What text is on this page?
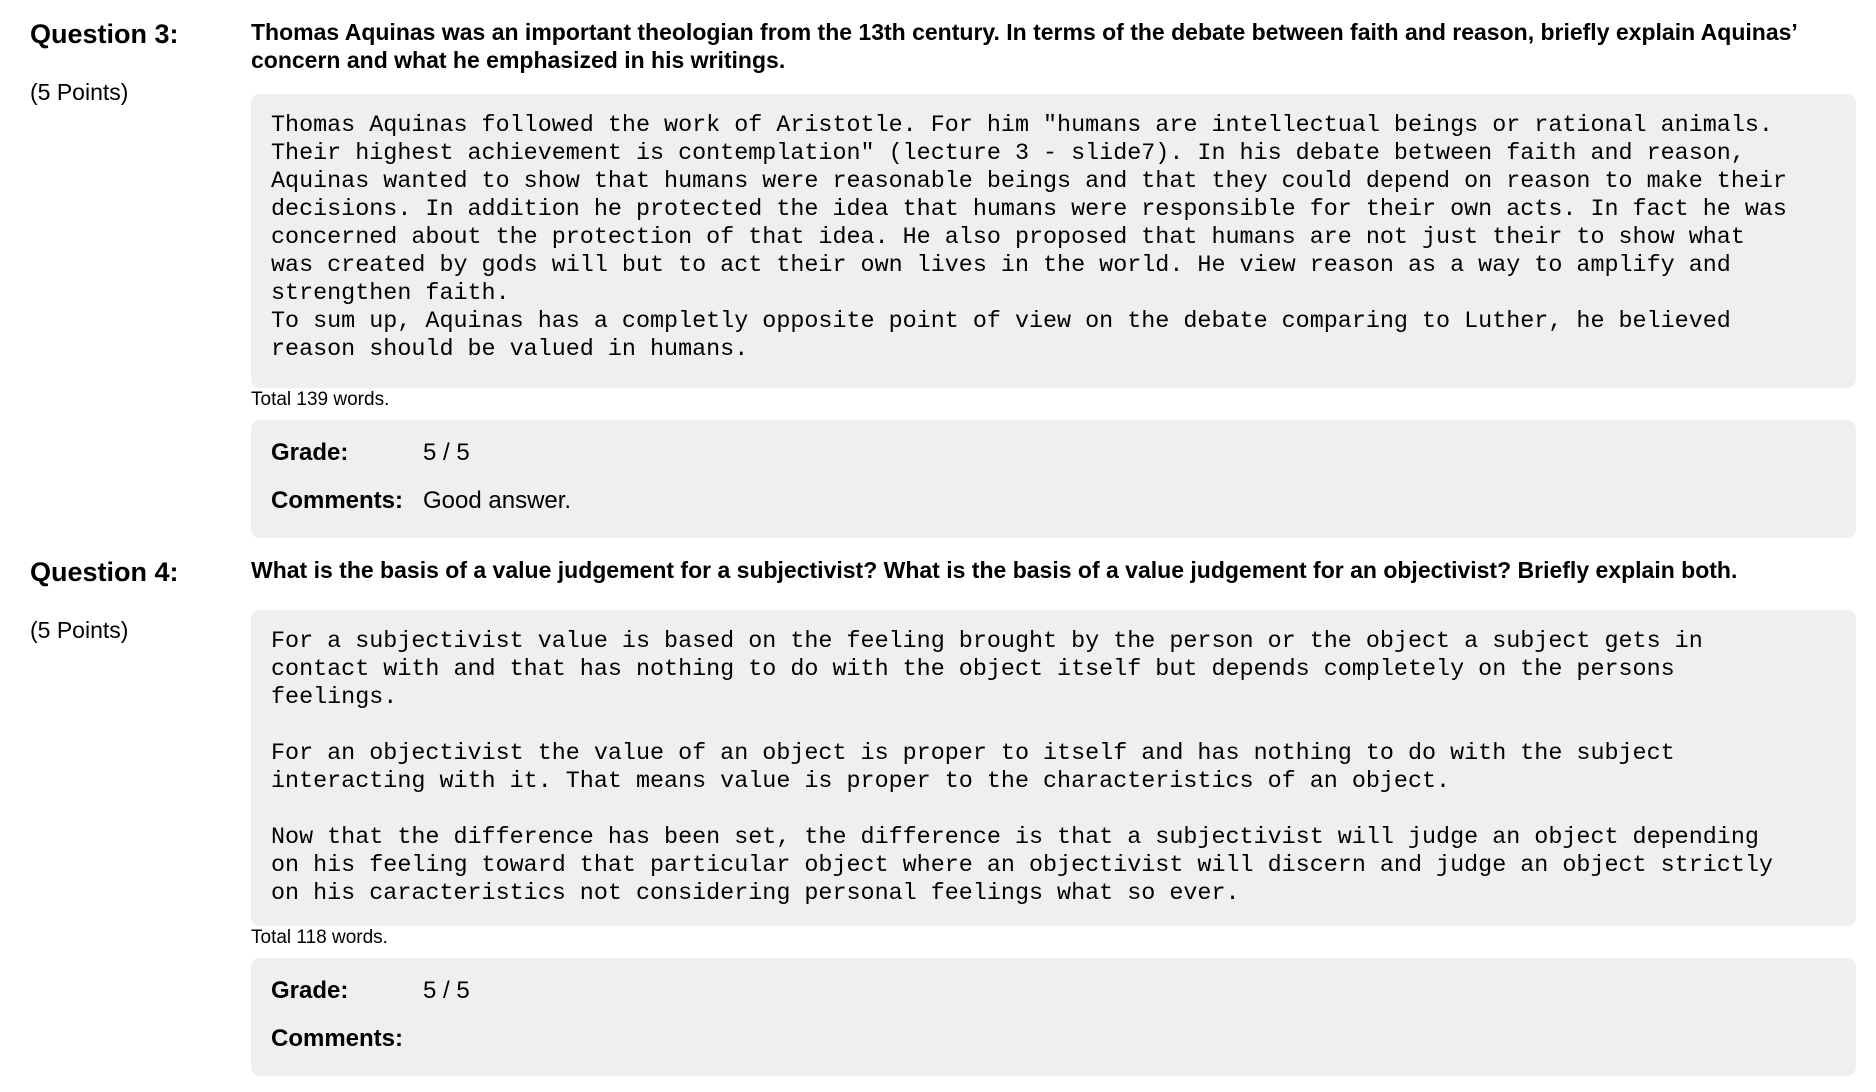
Question 3:
(5 Points)
Thomas Aquinas was an important theologian from the 13th century. In terms of the debate between faith and reason, briefly explain Aquinas’ concern and what he emphasized in his writings.
Thomas Aquinas followed the work of Aristotle. For him "humans are intellectual beings or rational animals.
Their highest achievement is contemplation" (lecture 3 - slide7). In his debate between faith and reason,
Aquinas wanted to show that humans were reasonable beings and that they could depend on reason to make their
decisions. In addition he protected the idea that humans were responsible for their own acts. In fact he was
concerned about the protection of that idea. He also proposed that humans are not just their to show what
was created by gods will but to act their own lives in the world. He view reason as a way to amplify and
strengthen faith.
To sum up, Aquinas has a completly opposite point of view on the debate comparing to Luther, he believed
reason should be valued in humans.
Total 139 words.
Grade:	5 / 5
Comments: Good answer.
Question 4:
(5 Points)
What is the basis of a value judgement for a subjectivist? What is the basis of a value judgement for an objectivist? Briefly explain both.
For a subjectivist value is based on the feeling brought by the person or the object a subject gets in
contact with and that has nothing to do with the object itself but depends completely on the persons
feelings.

For an objectivist the value of an object is proper to itself and has nothing to do with the subject
interacting with it. That means value is proper to the characteristics of an object.

Now that the difference has been set, the difference is that a subjectivist will judge an object depending
on his feeling toward that particular object where an objectivist will discern and judge an object strictly
on his caracteristics not considering personal feelings what so ever.
Total 118 words.
Grade:	5 / 5
Comments:
